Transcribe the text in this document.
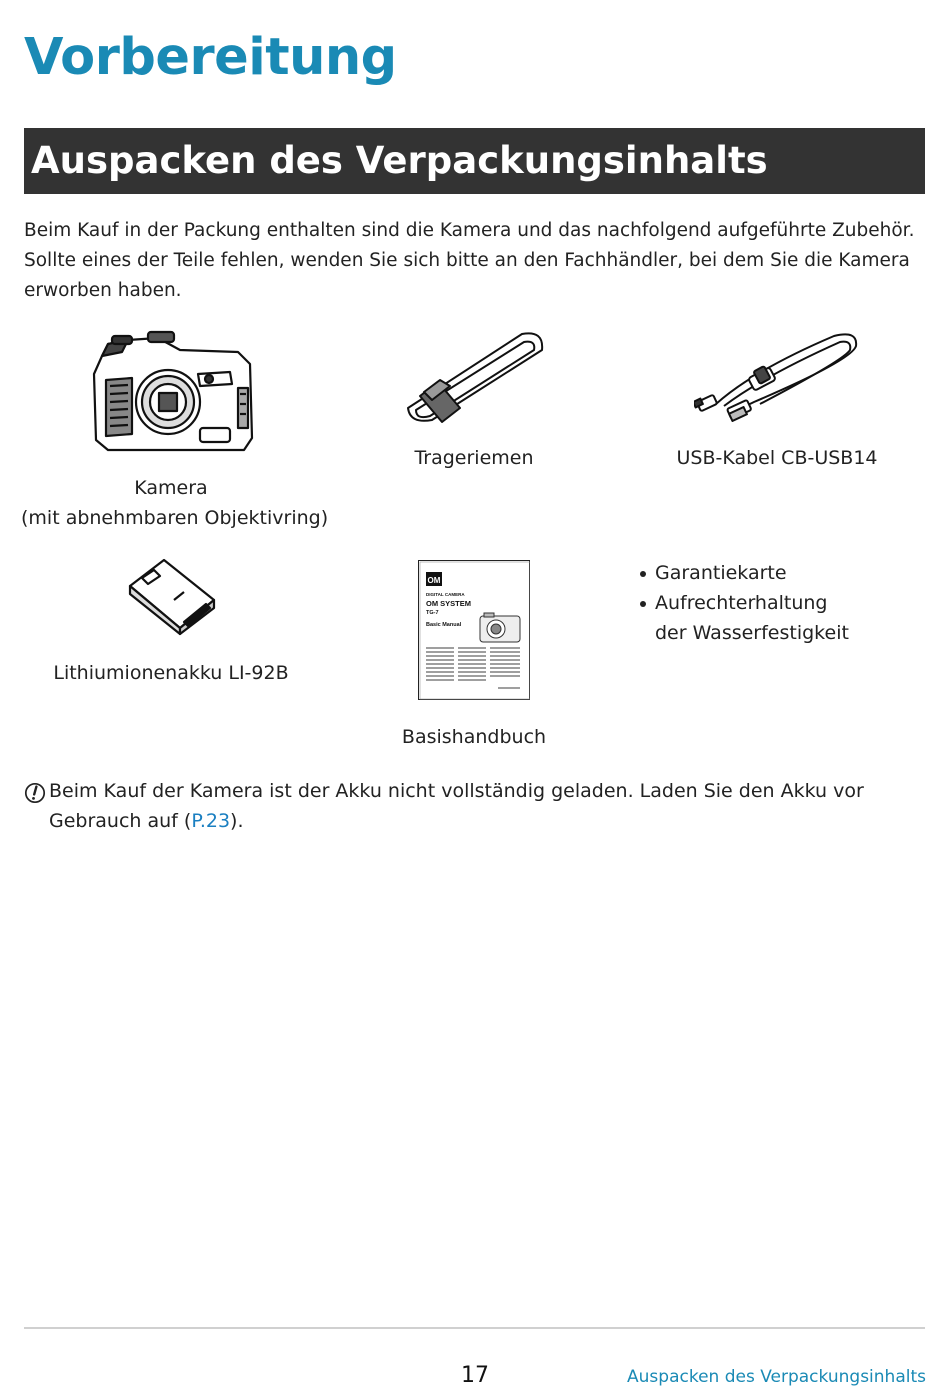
Vorbereitung
Auspacken des Verpackungsinhalts

Beim Kauf in der Packung enthalten sind die Kamera und das nachfolgend aufgeführte Zubehör.

Sollte eines der Teile fehlen, wenden Sie sich bitte an den Fachhändler, bei dem Sie die Kamera erworben haben.

Kamera
(mit abnehmbaren Objektivring)
Trageriemen	USB-Kabel CB-USB14
Lithiumionenakku LI-92B
OM
DIGITAL CAMERA
OM SYSTEM
TG-7
Basic Manual
Basishandbuch
Garantiekarte
Aufrechterhaltung der Wasserfestigkeit
Beim Kauf der Kamera ist der Akku nicht vollständig geladen. Laden Sie den Akku vor Gebrauch auf (P.23).
17	Auspacken des Verpackungsinhalts
